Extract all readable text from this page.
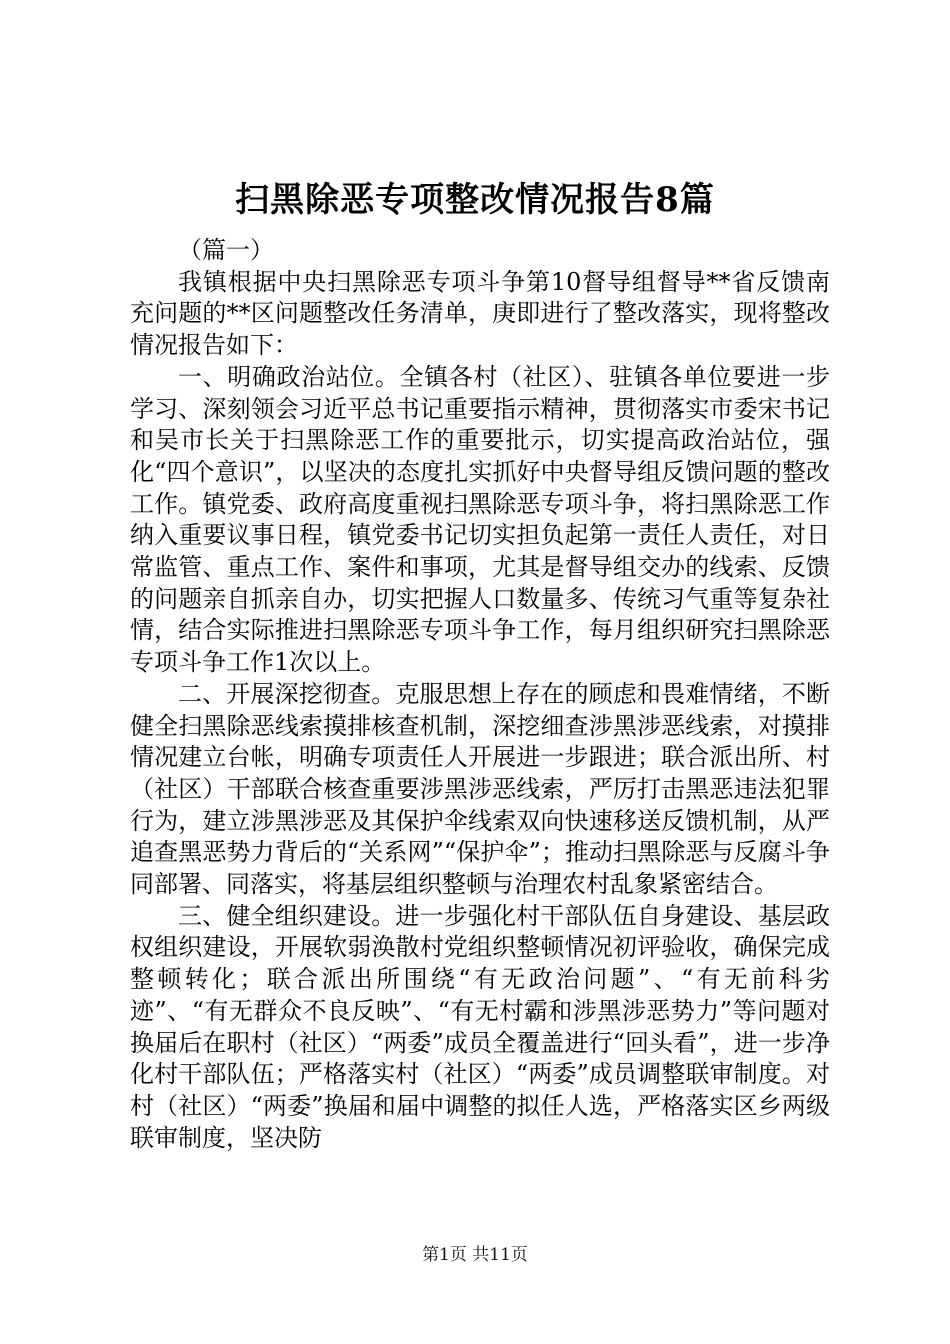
扫黑除恶专项整改情况报告8篇

（篇一）

我镇根据中央扫黑除恶专项斗争第10督导组督导**省反馈南充问题的**区问题整改任务清单，庚即进行了整改落实，现将整改情况报告如下：

一、明确政治站位。全镇各村（社区）、驻镇各单位要进一步学习、深刻领会习近平总书记重要指示精神，贯彻落实市委宋书记和吴市长关于扫黑除恶工作的重要批示，切实提高政治站位，强化“四个意识”，以坚决的态度扎实抓好中央督导组反馈问题的整改工作。镇党委、政府高度重视扫黑除恶专项斗争，将扫黑除恶工作纳入重要议事日程，镇党委书记切实担负起第一责任人责任，对日常监管、重点工作、案件和事项，尤其是督导组交办的线索、反馈的问题亲自抓亲自办，切实把握人口数量多、传统习气重等复杂社情，结合实际推进扫黑除恶专项斗争工作，每月组织研究扫黑除恶专项斗争工作1次以上。

二、开展深挖彻查。克服思想上存在的顾虑和畏难情绪，不断健全扫黑除恶线索摸排核查机制，深挖细查涉黑涉恶线索，对摸排情况建立台帐，明确专项责任人开展进一步跟进；联合派出所、村（社区）干部联合核查重要涉黑涉恶线索，严厉打击黑恶违法犯罪行为，建立涉黑涉恶及其保护伞线索双向快速移送反馈机制，从严追查黑恶势力背后的“关系网”“保护伞”；推动扫黑除恶与反腐斗争同部署、同落实，将基层组织整顿与治理农村乱象紧密结合。

三、健全组织建设。进一步强化村干部队伍自身建设、基层政权组织建设，开展软弱涣散村党组织整顿情况初评验收，确保完成整顿转化；联合派出所围绕“有无政治问题”、“有无前科劣迹”、“有无群众不良反映”、“有无村霸和涉黑涉恶势力”等问题对换届后在职村（社区）“两委”成员全覆盖进行“回头看”，进一步净化村干部队伍；严格落实村（社区）“两委”成员调整联审制度。对村（社区）“两委”换届和届中调整的拟任人选，严格落实区乡两级联审制度，坚决防

第1页 共11页
